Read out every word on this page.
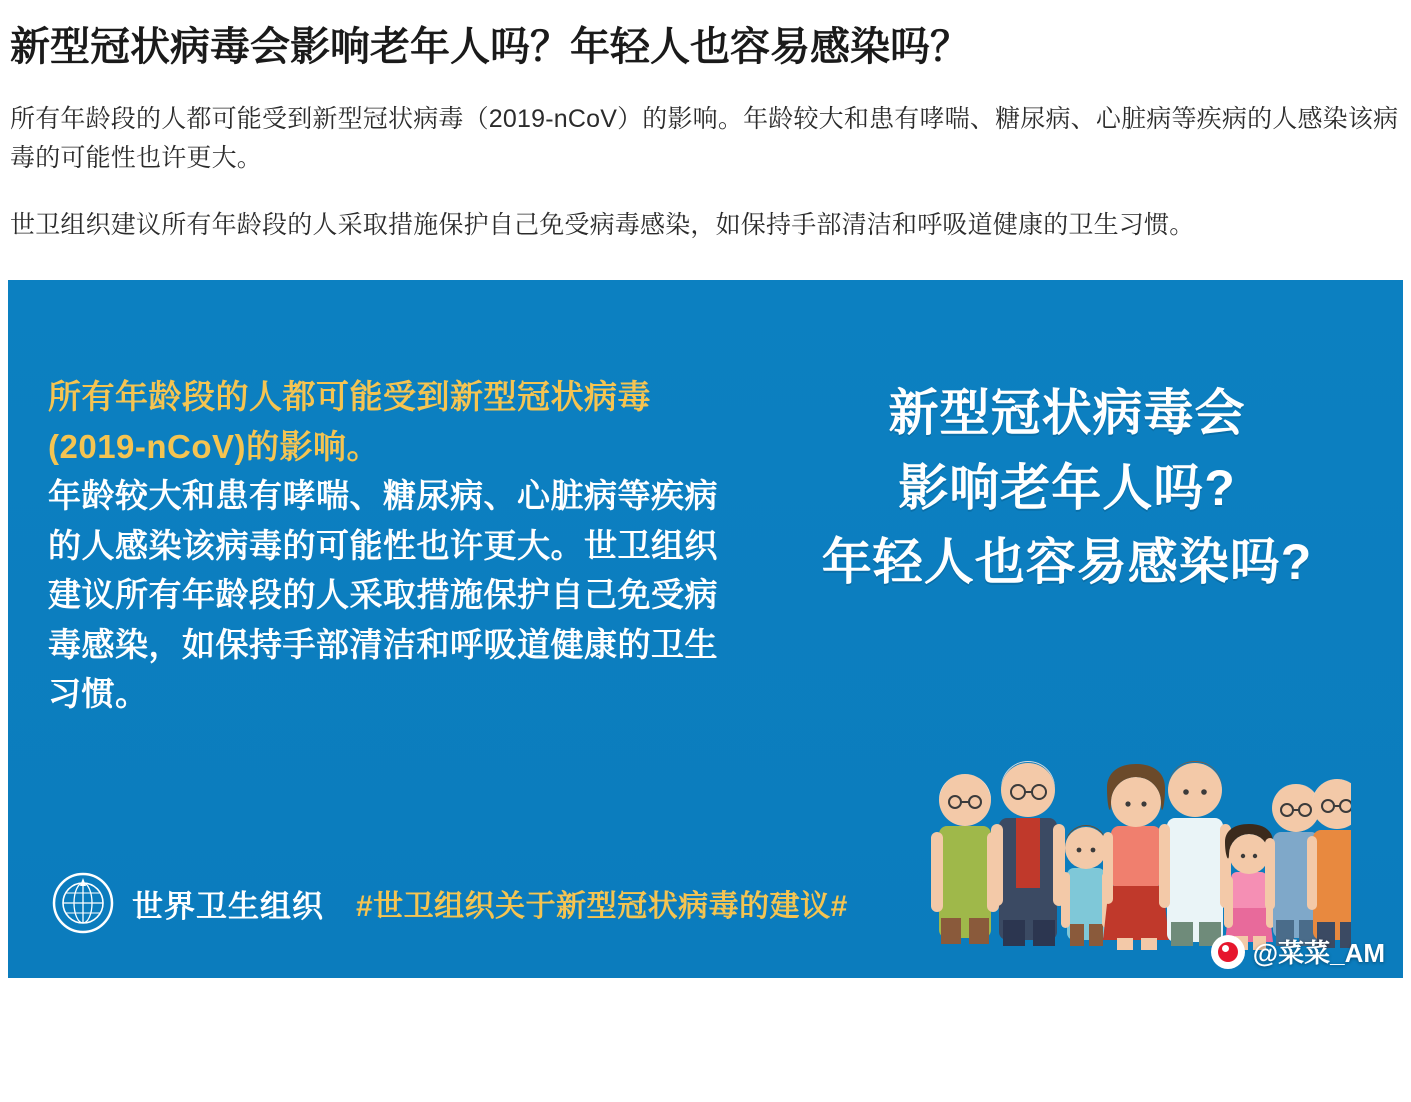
新型冠状病毒会影响老年人吗？年轻人也容易感染吗？

所有年龄段的人都可能受到新型冠状病毒（2019-nCoV）的影响。年龄较大和患有哮喘、糖尿病、心脏病等疾病的人感染该病毒的可能性也许更大。

世卫组织建议所有年龄段的人采取措施保护自己免受病毒感染，如保持手部清洁和呼吸道健康的卫生习惯。

所有年龄段的人都可能受到新型冠状病毒(2019-nCoV)的影响。

年龄较大和患有哮喘、糖尿病、心脏病等疾病的人感染该病毒的可能性也许更大。世卫组织建议所有年龄段的人采取措施保护自己免受病毒感染，如保持手部清洁和呼吸道健康的卫生习惯。

新型冠状病毒会

影响老年人吗?

年轻人也容易感染吗?

世界卫生组织 #世卫组织关于新型冠状病毒的建议#
@菜菜_AM
